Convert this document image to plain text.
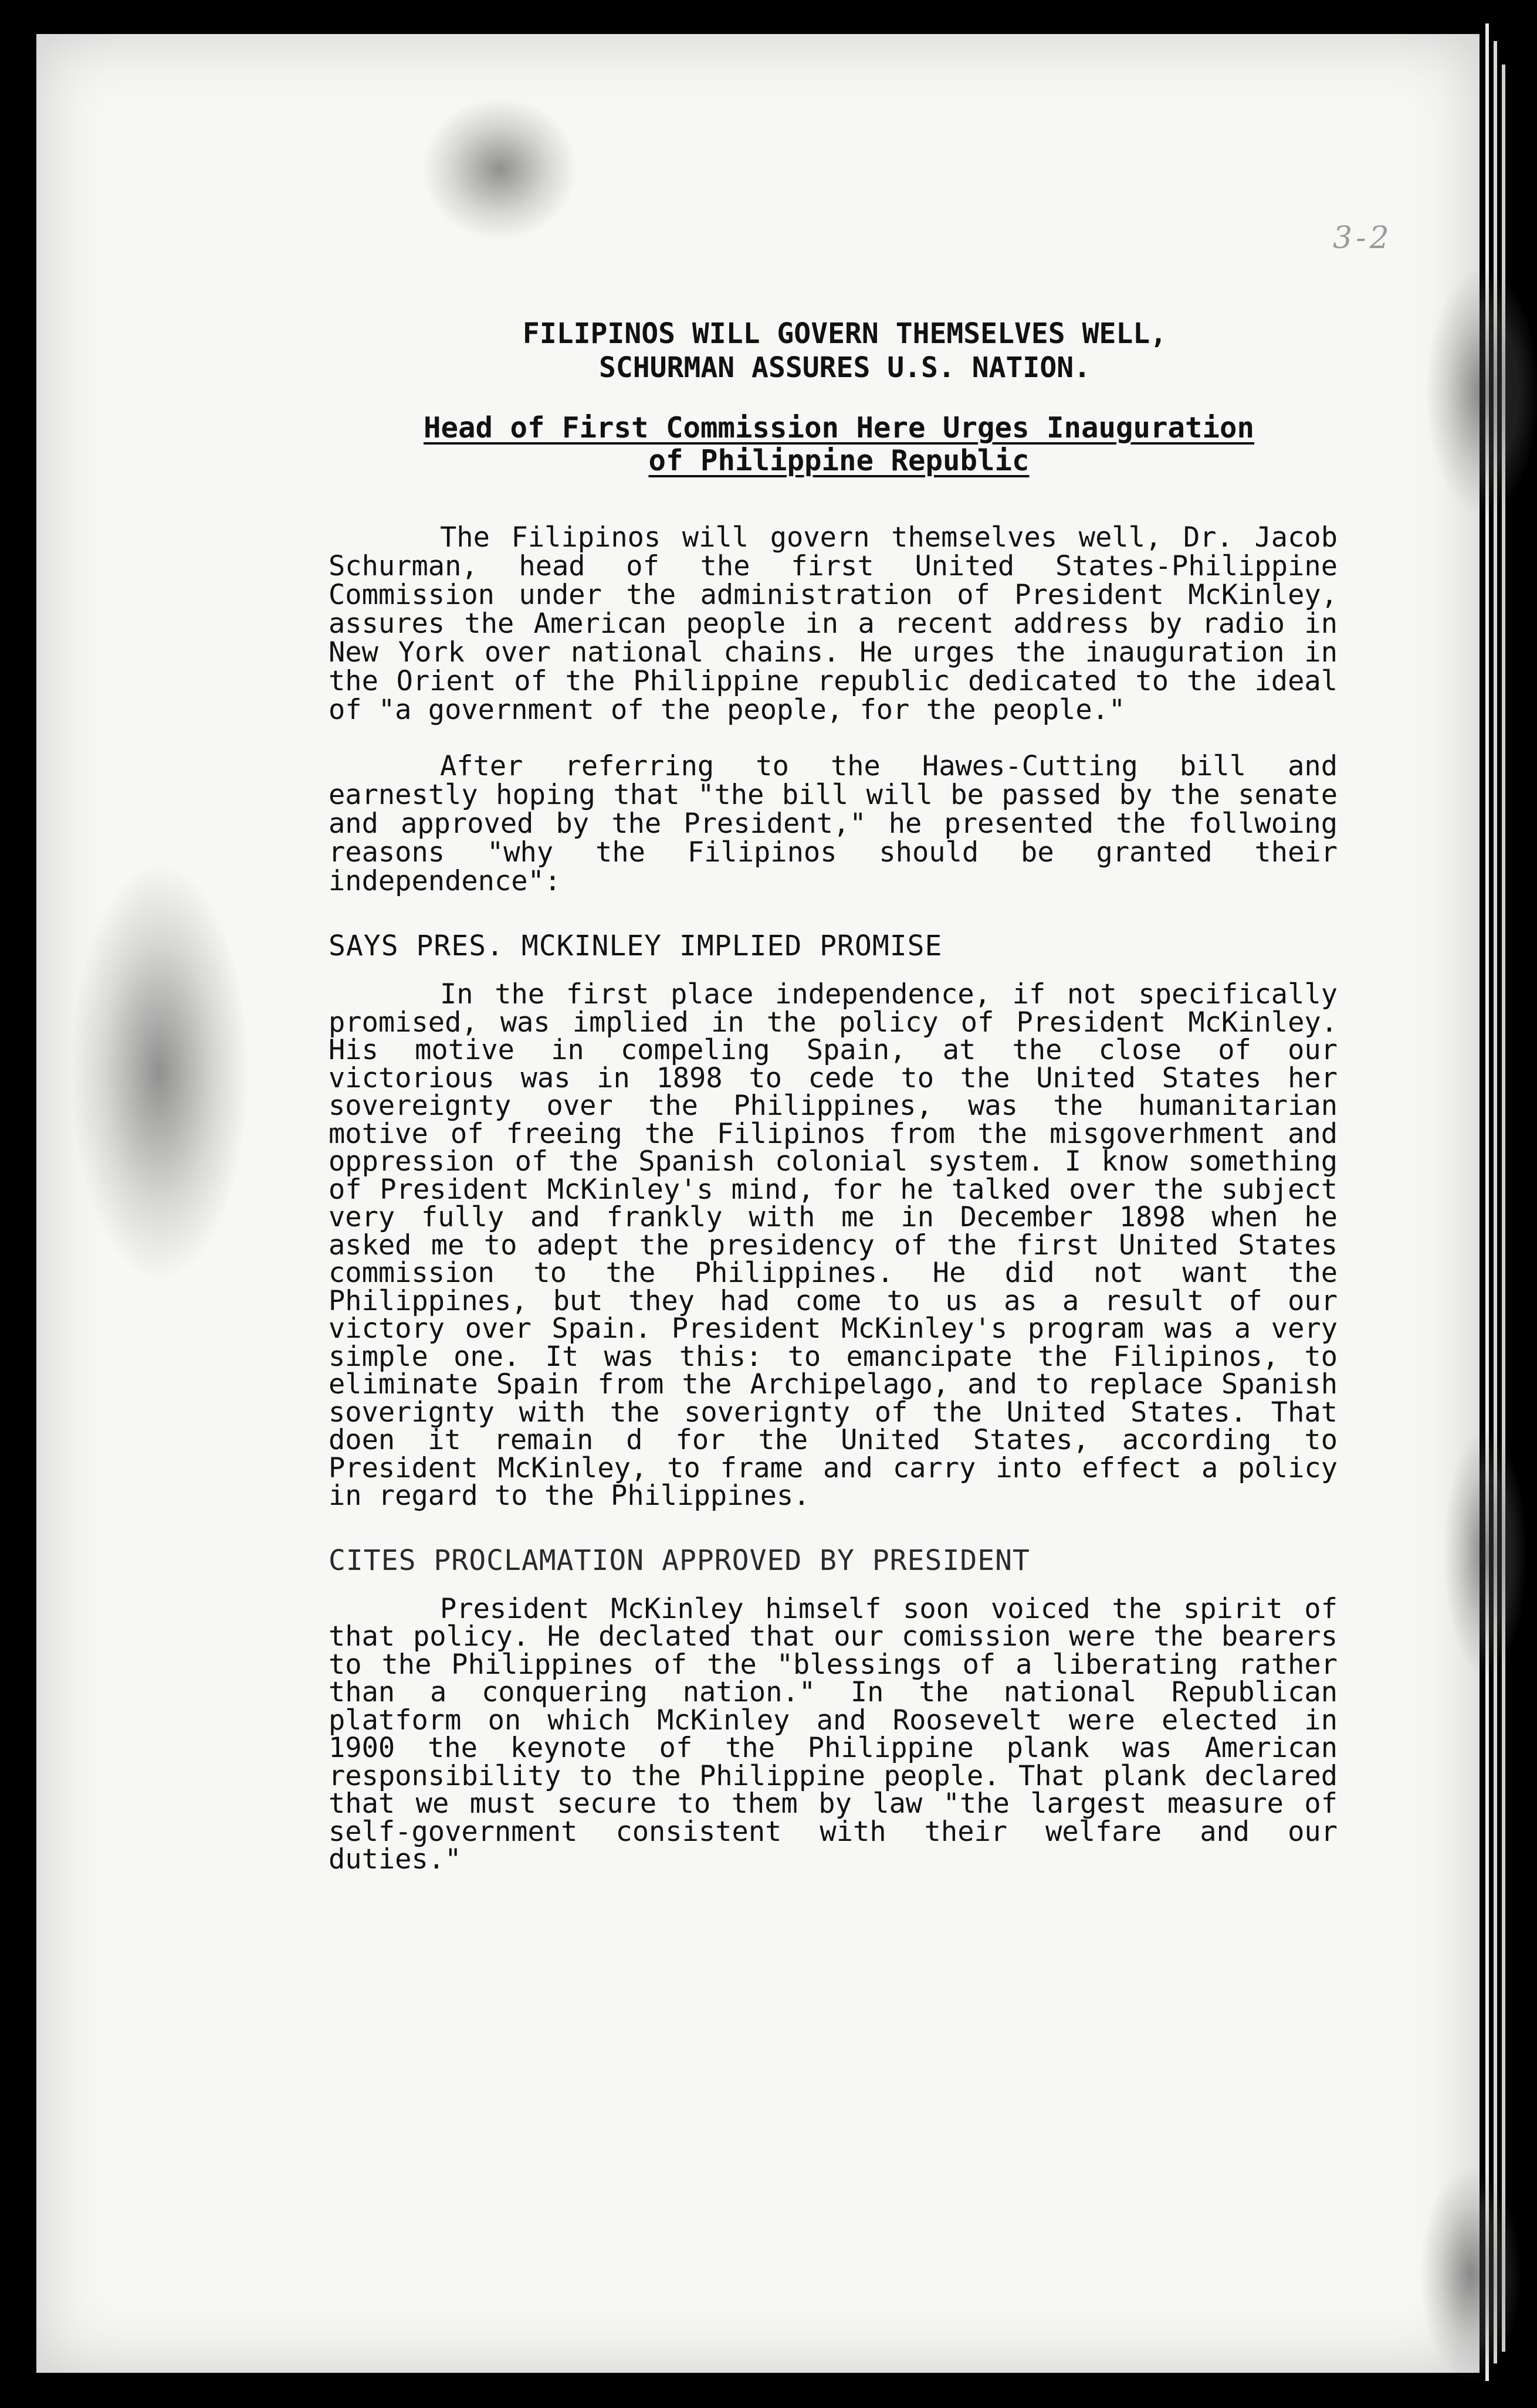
3-2
FILIPINOS WILL GOVERN THEMSELVES WELL,
SCHURMAN ASSURES U.S. NATION.
Head of First Commission Here Urges Inauguration
of Philippine Republic

The Filipinos will govern themselves well, Dr. Jacob Schurman, head of the first United States-Philippine Commission under the administration of President McKinley, assures the American people in a recent address by radio in New York over national chains. He urges the inauguration in the Orient of the Philippine republic dedicated to the ideal of "a government of the people, for the people."

After referring to the Hawes-Cutting bill and earnestly hoping that "the bill will be passed by the senate and approved by the President," he presented the follwoing reasons "why the Filipinos should be granted their independence":

SAYS PRES. MCKINLEY IMPLIED PROMISE

In the first place independence, if not specifically promised, was implied in the policy of President McKinley. His motive in compeling Spain, at the close of our victorious was in 1898 to cede to the United States her sovereignty over the Philippines, was the humanitarian motive of freeing the Filipinos from the misgoverhment and oppression of the Spanish colonial system. I know something of President McKinley's mind, for he talked over the subject very fully and frankly with me in December 1898 when he asked me to adept the presidency of the first United States commission to the Philippines. He did not want the Philippines, but they had come to us as a result of our victory over Spain. President McKinley's program was a very simple one. It was this: to emancipate the Filipinos, to eliminate Spain from the Archipelago, and to replace Spanish soverignty with the soverignty of the United States. That doen it remain d for the United States, according to President McKinley, to frame and carry into effect a policy in regard to the Philippines.

CITES PROCLAMATION APPROVED BY PRESIDENT

President McKinley himself soon voiced the spirit of that policy. He declated that our comission were the bearers to the Philippines of the "blessings of a liberating rather than a conquering nation." In the national Republican platform on which McKinley and Roosevelt were elected in 1900 the keynote of the Philippine plank was American responsibility to the Philippine people. That plank declared that we must secure to them by law "the largest measure of self-government consistent with their welfare and our duties."
